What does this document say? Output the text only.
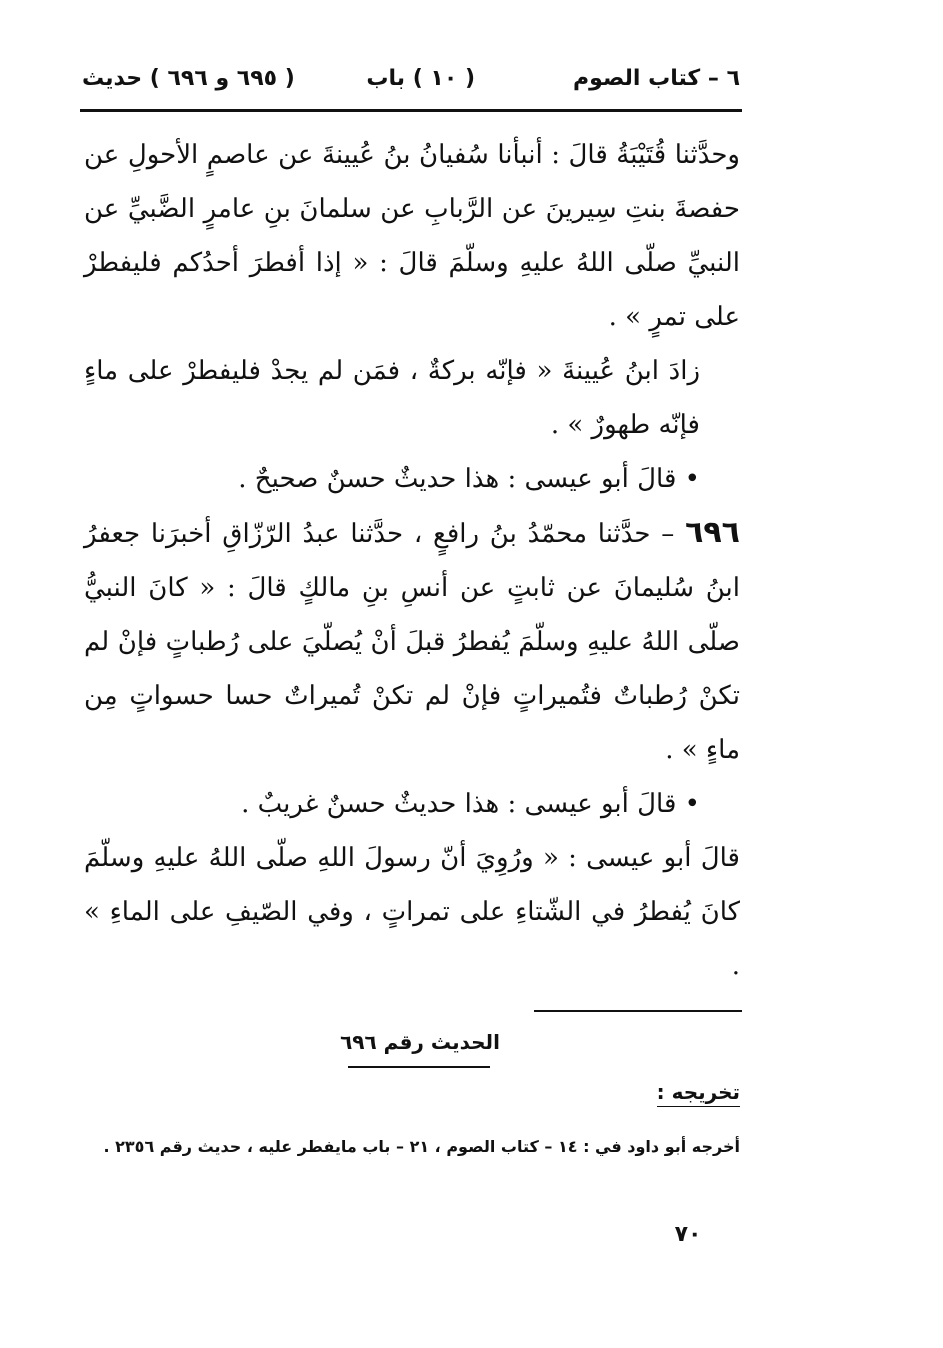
٦ – كتاب الصوم
( ١٠ ) باب
( ٦٩٥ و ٦٩٦ ) حديث

وحدَّثنا قُتَيْبَةُ قالَ : أنبأنا سُفيانُ بنُ عُيينةَ عن عاصمٍ الأحولِ عن حفصةَ بنتِ سِيرينَ عن الرَّبابِ عن سلمانَ بنِ عامرٍ الضَّبيِّ عن النبيِّ صلّى اللهُ عليهِ وسلّمَ قالَ : « إذا أفطرَ أحدُكم فليفطرْ على تمرٍ » .

زادَ ابنُ عُيينةَ « فإنّه بركةٌ ، فمَن لم يجدْ فليفطرْ على ماءٍ فإنّه طهورٌ » .

• قالَ أبو عيسى : هذا حديثٌ حسنٌ صحيحٌ .

٦٩٦ – حدَّثنا محمّدُ بنُ رافعٍ ، حدَّثنا عبدُ الرّزّاقِ أخبرَنا جعفرُ ابنُ سُليمانَ عن ثابتٍ عن أنسِ بنِ مالكٍ قالَ : « كانَ النبيُّ صلّى اللهُ عليهِ وسلّمَ يُفطرُ قبلَ أنْ يُصلّيَ على رُطباتٍ فإنْ لم تكنْ رُطباتٌ فتُميراتٍ فإنْ لم تكنْ تُميراتٌ حسا حسواتٍ مِن ماءٍ » .

• قالَ أبو عيسى : هذا حديثٌ حسنٌ غريبٌ .

قالَ أبو عيسى : « ورُوِيَ أنّ رسولَ اللهِ صلّى اللهُ عليهِ وسلّمَ كانَ يُفطرُ في الشّتاءِ على تمراتٍ ، وفي الصّيفِ على الماءِ » .

الحديث رقم ٦٩٦
تخريجه :
أخرجه أبو داود في : ١٤ – كتاب الصوم ، ٢١ – باب مايفطر عليه ، حديث رقم ٢٣٥٦ .
٧٠
